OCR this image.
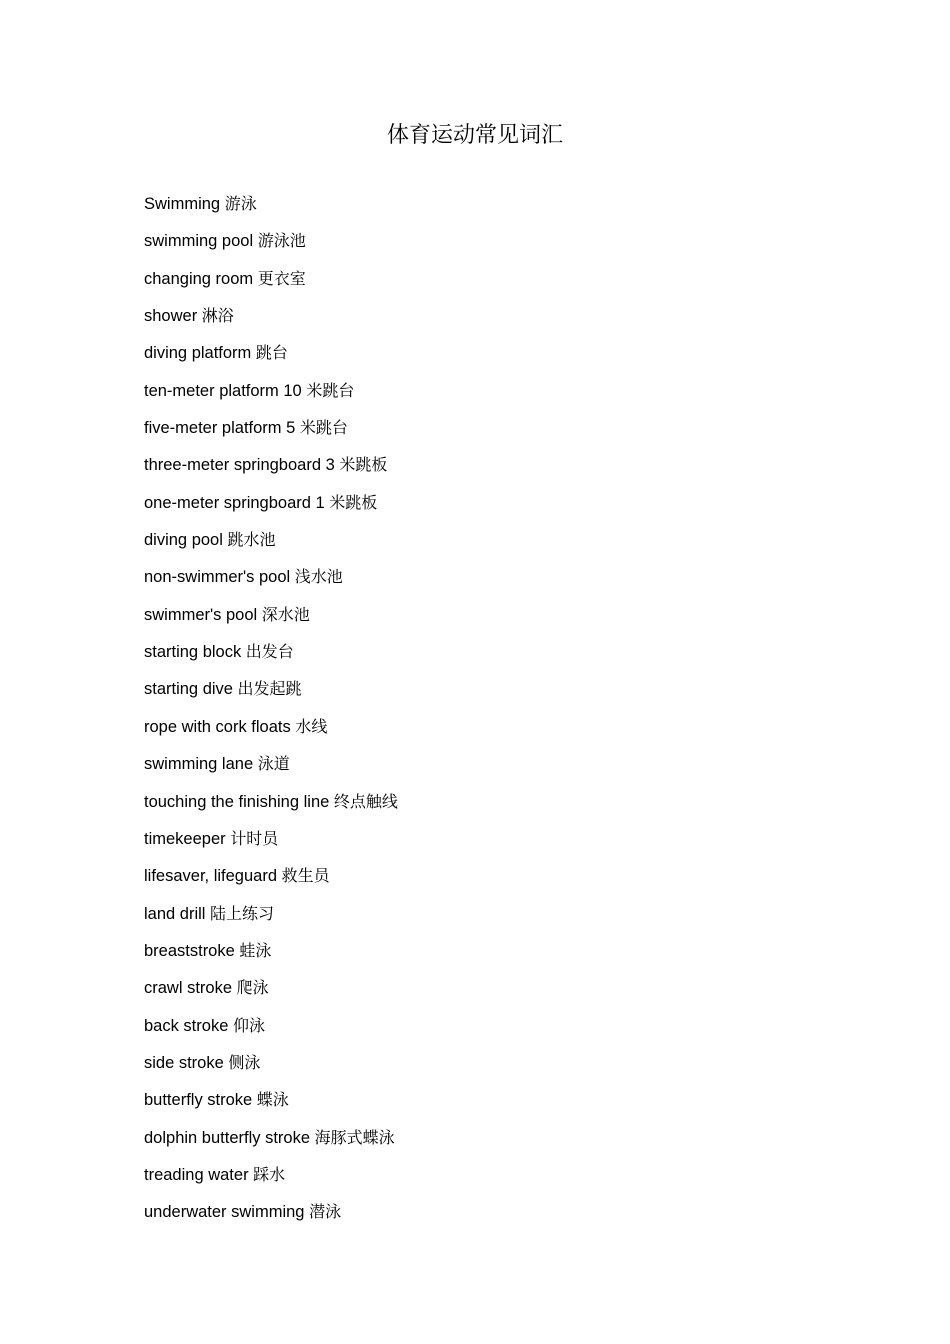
体育运动常见词汇
Swimming 游泳
swimming pool 游泳池
changing room 更衣室
shower 淋浴
diving platform 跳台
ten-meter platform 10 米跳台
five-meter platform 5 米跳台
three-meter springboard 3 米跳板
one-meter springboard 1 米跳板
diving pool 跳水池
non-swimmer's pool 浅水池
swimmer's pool 深水池
starting block 出发台
starting dive 出发起跳
rope with cork floats 水线
swimming lane 泳道
touching the finishing line 终点触线
timekeeper 计时员
lifesaver, lifeguard 救生员
land drill 陆上练习
breaststroke 蛙泳
crawl stroke 爬泳
back stroke 仰泳
side stroke 侧泳
butterfly stroke 蝶泳
dolphin butterfly stroke 海豚式蝶泳
treading water 踩水
underwater swimming 潜泳
